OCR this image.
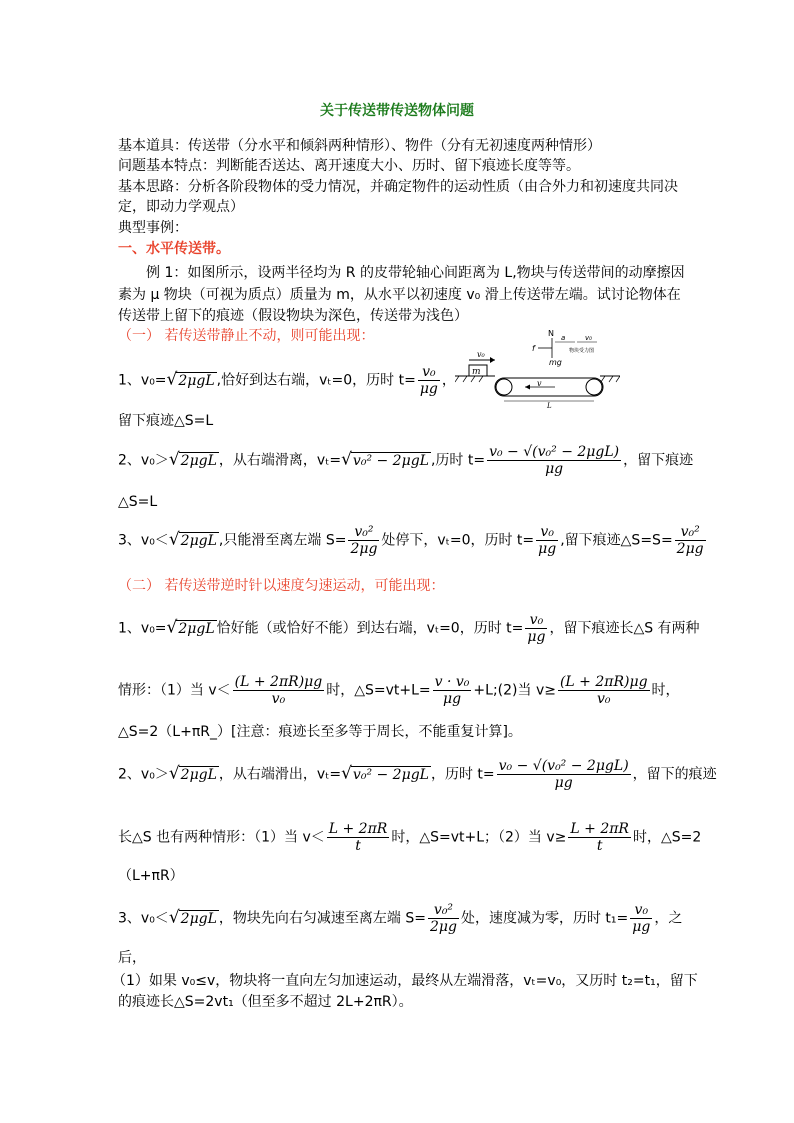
关于传送带传送物体问题
基本道具：传送带（分水平和倾斜两种情形）、物件（分有无初速度两种情形）
问题基本特点：判断能否送达、离开速度大小、历时、留下痕迹长度等等。
基本思路：分析各阶段物体的受力情况，并确定物件的运动性质（由合外力和初速度共同决
定，即动力学观点）
典型事例：
一、水平传送带。
例 1：如图所示，设两半径均为 R 的皮带轮轴心间距离为 L,物块与传送带间的动摩擦因
素为 μ 物块（可视为质点）质量为 m，从水平以初速度 v₀ 滑上传送带左端。试讨论物体在
传送带上留下的痕迹（假设物块为深色，传送带为浅色）
（一） 若传送带静止不动，则可能出现：
m
v₀
v
L
N
f
mg
a	v₀
物块受力图
1、v₀=√2μgL ,恰好到达右端，vₜ=0，历时 $t= \frac{\text{v₀}}{\mu g}$ ，
留下痕迹△S=L
2、v₀＞√2μgL ，从右端滑离，vₜ=√v₀² − 2μgL ,历时 $t= \frac{\text{v₀ − √(v₀² − 2μgL)}}{\mu g}$ ，留下痕迹
△S=L
3、v₀＜√2μgL ,只能滑至离左端 $S= \frac{\text{v₀²}}{2\mu g}$ 处停下，vₜ=0，历时 $t= \frac{\text{v₀}}{\mu g}$ ,留下痕迹△S=S= $\frac{\text{v₀²}}{2\mu g}$
（二） 若传送带逆时针以速度匀速运动，可能出现：
1、v₀=√2μgL 恰好能（或恰好不能）到达右端，vₜ=0，历时 $t= \frac{\text{v₀}}{\mu g}$ ，留下痕迹长△S 有两种
情形：（1）当 $v< \frac{(L + 2\pi R)\mu g}{\text{v₀}}$ 时，△S=vt+L= $\frac{\text{v · v₀}}{\mu g}$ +L;(2)当 $v\ge \frac{(L + 2\pi R)\mu g}{\text{v₀}}$ 时，
△S=2（L+πR_）[注意：痕迹长至多等于周长，不能重复计算]。
2、v₀＞√2μgL ，从右端滑出，vₜ=√v₀² − 2μgL ，历时 $t= \frac{\text{v₀ − √(v₀² − 2μgL)}}{\mu g}$ ，留下的痕迹
长△S 也有两种情形：（1）当 $v< \frac{L + 2\pi R}{t}$ 时，△S=vt+L；（2）当 $v\ge \frac{L + 2\pi R}{t}$ 时，△S=2
（L+πR）
3、v₀＜√2μgL ，物块先向右匀减速至离左端 $S= \frac{\text{v₀²}}{2\mu g}$ 处，速度减为零，历时 $t_1= \frac{\text{v₀}}{\mu g}$ ，之
后，
（1）如果 v₀≤v，物块将一直向左匀加速运动，最终从左端滑落，vₜ=v₀，又历时 t₂=t₁，留下
的痕迹长△S=2vt₁（但至多不超过 2L+2πR）。
